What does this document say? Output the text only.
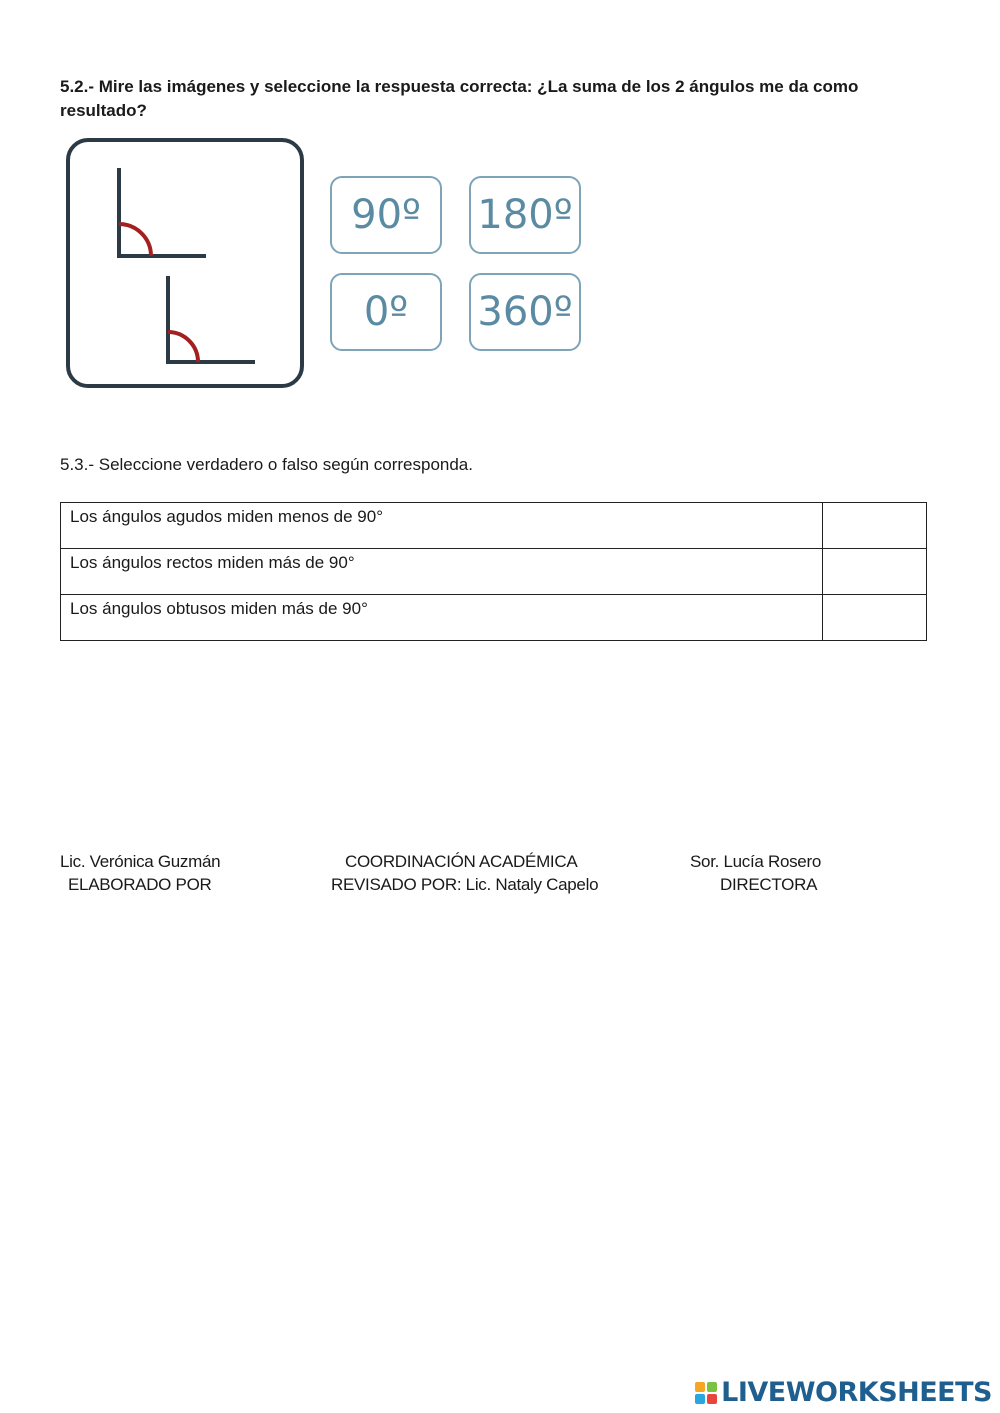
5.2.- Mire las imágenes y seleccione la respuesta correcta: ¿La suma de los 2 ángulos me da como resultado?
90º	180º
0º	360º
5.3.- Seleccione verdadero o falso según corresponda.
Los ángulos agudos miden menos de 90°	
Los ángulos rectos miden más de 90°	
Los ángulos obtusos miden más de 90°	
Lic. Verónica Guzmán
ELABORADO POR
COORDINACIÓN ACADÉMICA
REVISADO POR: Lic. Nataly Capelo
Sor. Lucía Rosero
DIRECTORA
LIVEWORKSHEETS
